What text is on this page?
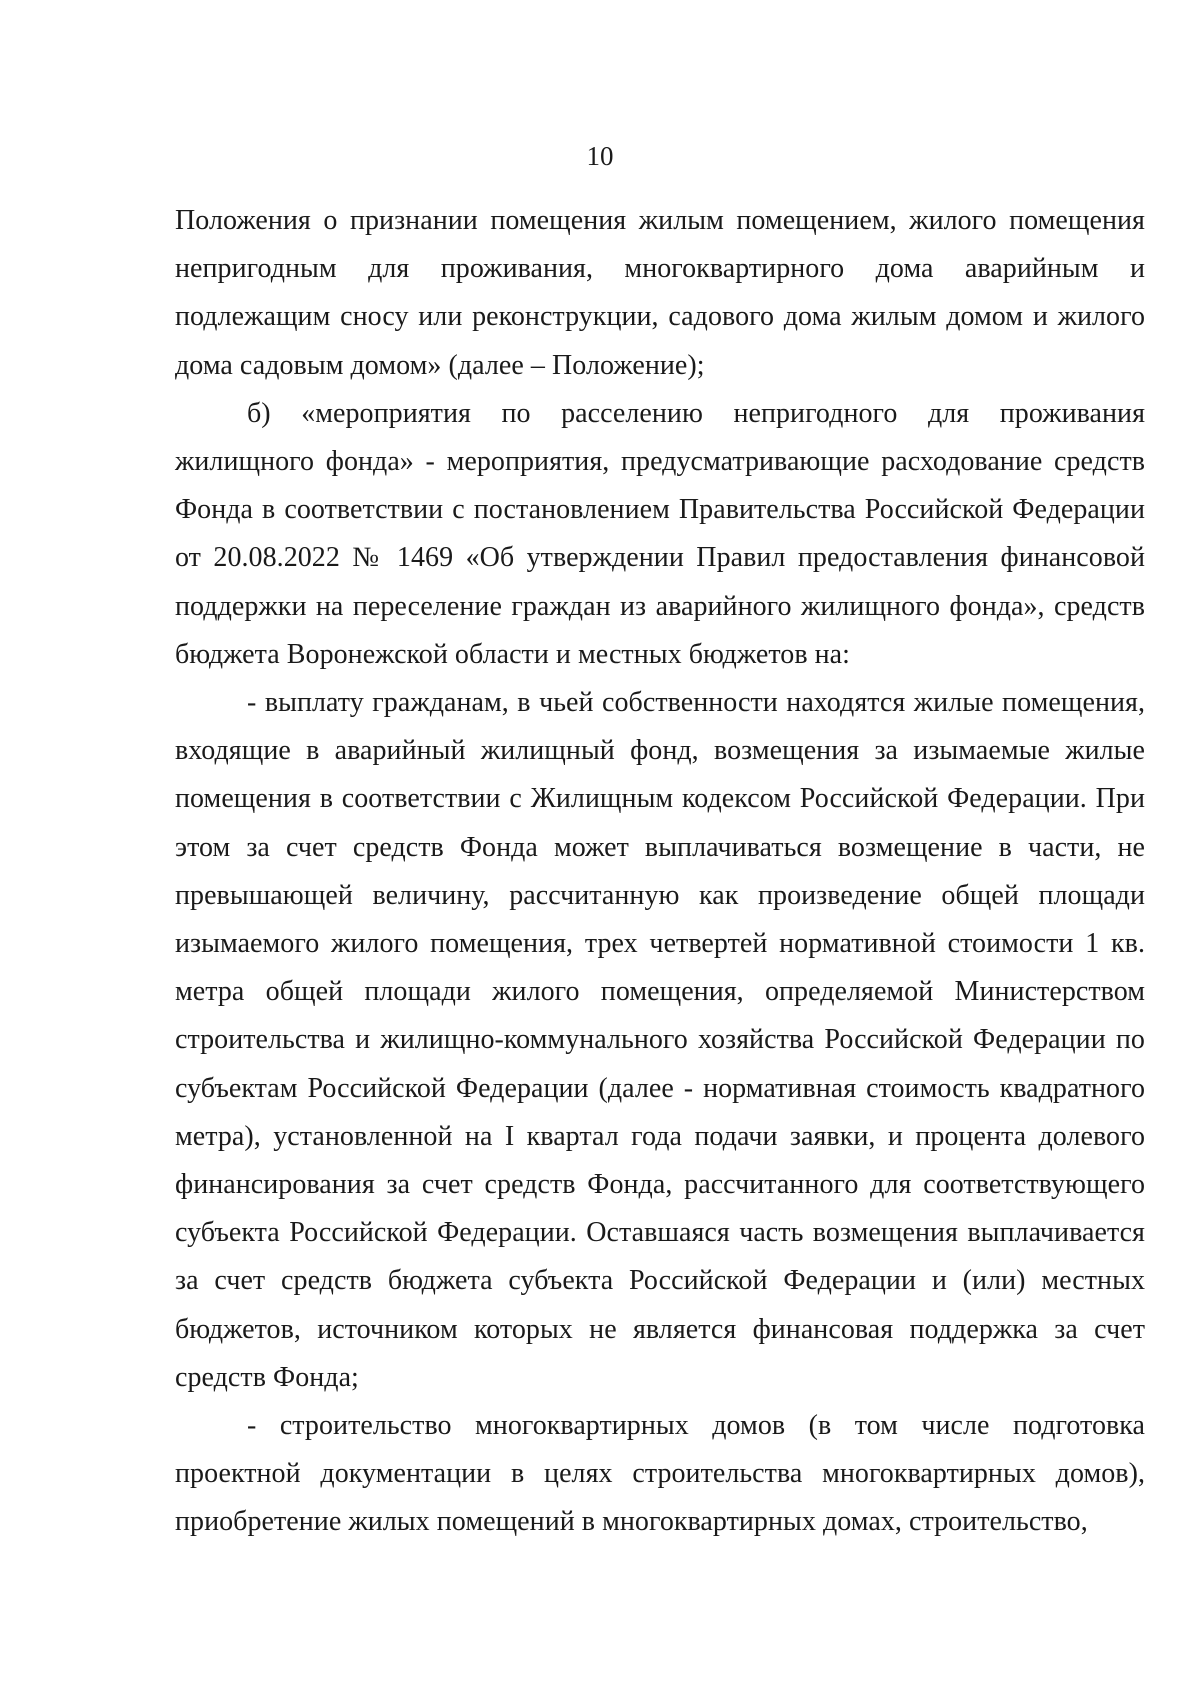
10

Положения о признании помещения жилым помещением, жилого помещения непригодным для проживания, многоквартирного дома аварийным и подлежащим сносу или реконструкции, садового дома жилым домом и жилого дома садовым домом» (далее – Положение);

б) «мероприятия по расселению непригодного для проживания жилищного фонда» - мероприятия, предусматривающие расходование средств Фонда в соответствии с постановлением Правительства Российской Федерации от 20.08.2022 № 1469 «Об утверждении Правил предоставления финансовой поддержки на переселение граждан из аварийного жилищного фонда», средств бюджета Воронежской области и местных бюджетов на:

- выплату гражданам, в чьей собственности находятся жилые помещения, входящие в аварийный жилищный фонд, возмещения за изымаемые жилые помещения в соответствии с Жилищным кодексом Российской Федерации. При этом за счет средств Фонда может выплачиваться возмещение в части, не превышающей величину, рассчитанную как произведение общей площади изымаемого жилого помещения, трех четвертей нормативной стоимости 1 кв. метра общей площади жилого помещения, определяемой Министерством строительства и жилищно-коммунального хозяйства Российской Федерации по субъектам Российской Федерации (далее - нормативная стоимость квадратного метра), установленной на I квартал года подачи заявки, и процента долевого финансирования за счет средств Фонда, рассчитанного для соответствующего субъекта Российской Федерации. Оставшаяся часть возмещения выплачивается за счет средств бюджета субъекта Российской Федерации и (или) местных бюджетов, источником которых не является финансовая поддержка за счет средств Фонда;

- строительство многоквартирных домов (в том числе подготовка проектной документации в целях строительства многоквартирных домов), приобретение жилых помещений в многоквартирных домах, строительство,
